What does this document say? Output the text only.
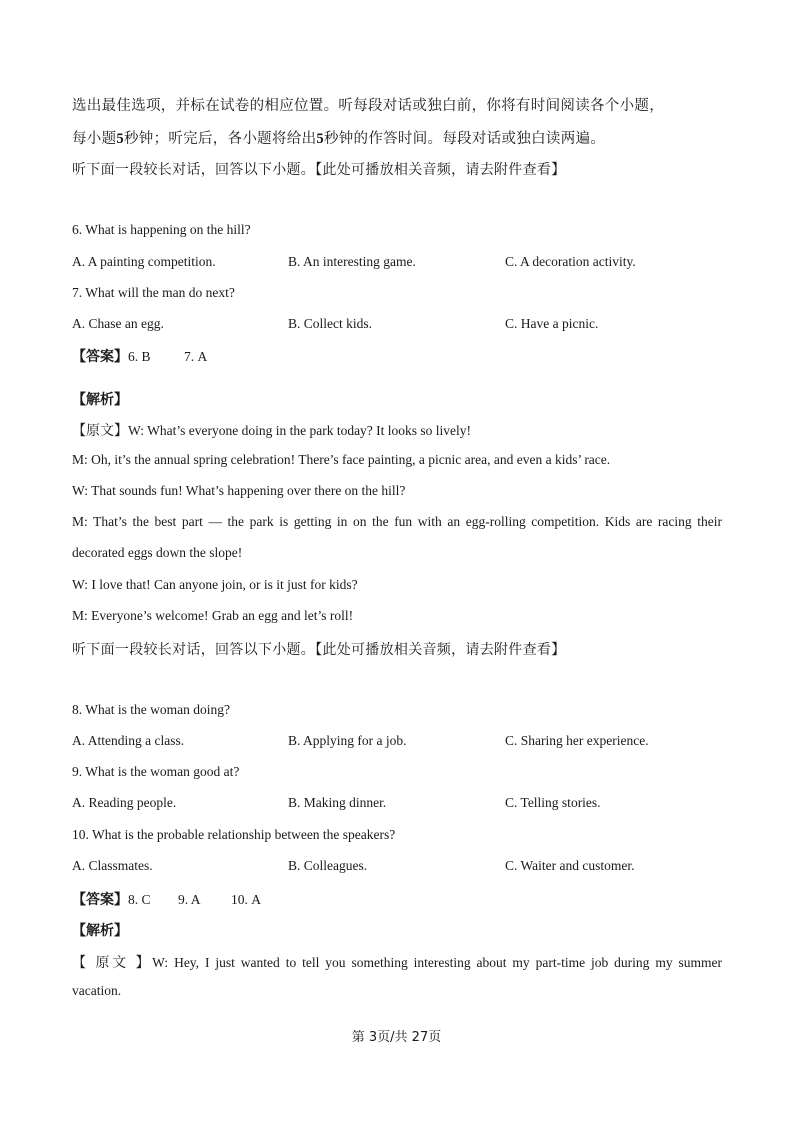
选出最佳选项，并标在试卷的相应位置。听每段对话或独白前，你将有时间阅读各个小题，
每小题5秒钟；听完后，各小题将给出5秒钟的作答时间。每段对话或独白读两遍。
听下面一段较长对话，回答以下小题。【此处可播放相关音频，请去附件查看】
6. What is happening on the hill?
A. A painting competition.	B. An interesting game.	C. A decoration activity.
7. What will the man do next?
A. Chase an egg.	B. Collect kids.	C. Have a picnic.
【答案】6. B 7. A
【解析】
【原文】W: What’s everyone doing in the park today? It looks so lively!
M: Oh, it’s the annual spring celebration! There’s face painting, a picnic area, and even a kids’ race.
W: That sounds fun! What’s happening over there on the hill?
M: That’s the best part — the park is getting in on the fun with an egg-rolling competition. Kids are racing their
decorated eggs down the slope!
W: I love that! Can anyone join, or is it just for kids?
M: Everyone’s welcome! Grab an egg and let’s roll!
听下面一段较长对话，回答以下小题。【此处可播放相关音频，请去附件查看】
8. What is the woman doing?
A. Attending a class.	B. Applying for a job.	C. Sharing her experience.
9. What is the woman good at?
A. Reading people.	B. Making dinner.	C. Telling stories.
10. What is the probable relationship between the speakers?
A. Classmates.	B. Colleagues.	C. Waiter and customer.
【答案】8. C 9. A 10. A
【解析】
【 原文 】W: Hey, I just wanted to tell you something interesting about my part-time job during my summer
vacation.
第 3页/共 27页
